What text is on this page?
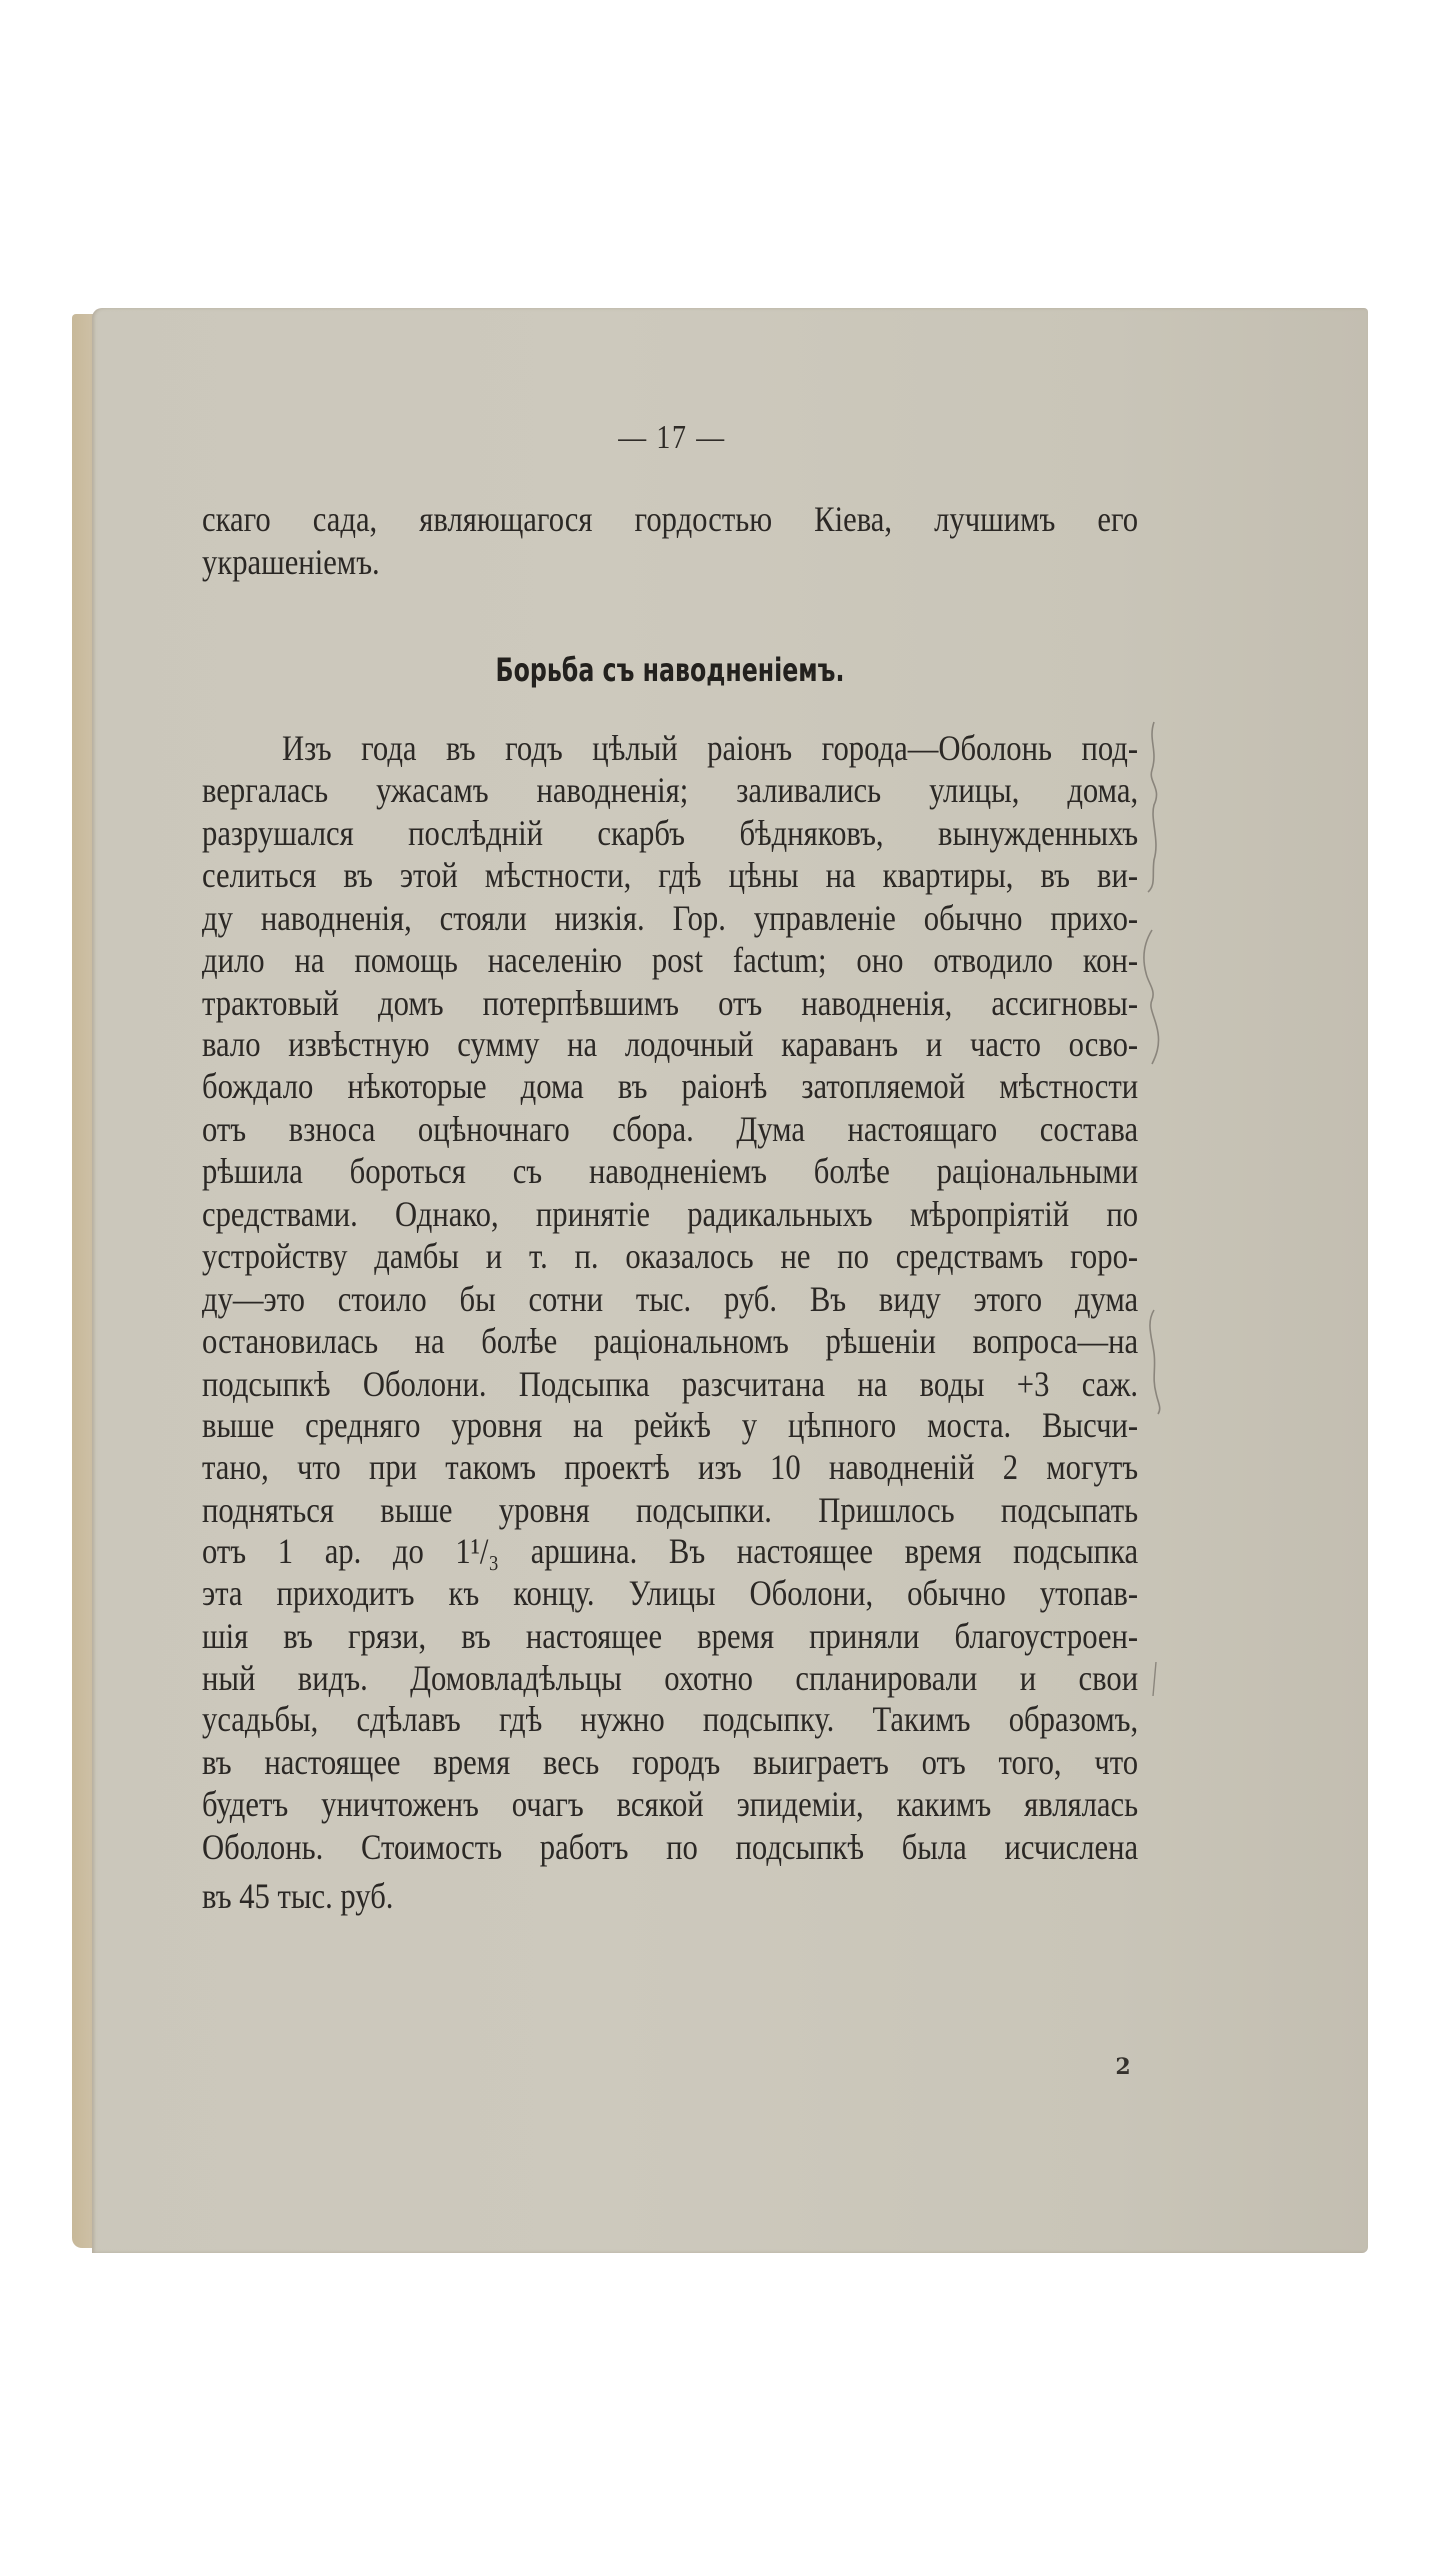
— 17 —
скаго сада, являющагося гордостью Кіева, лучшимъ его
украшеніемъ.
Борьба съ наводненіемъ.
Изъ года въ годъ цѣлый раіонъ города—Оболонь под-
вергалась ужасамъ наводненія; заливались улицы, дома,
разрушался послѣдній скарбъ бѣдняковъ, вынужденныхъ
селиться въ этой мѣстности, гдѣ цѣны на квартиры, въ ви-
ду наводненія, стояли низкія. Гор. управленіе обычно прихо-
дило на помощь населенію post factum; оно отводило кон-
трактовый домъ потерпѣвшимъ отъ наводненія, ассигновы-
вало извѣстную сумму на лодочный караванъ и часто осво-
бождало нѣкоторые дома въ раіонѣ затопляемой мѣстности
отъ взноса оцѣночнаго сбора. Дума настоящаго состава
рѣшила бороться съ наводненіемъ болѣе раціональными
средствами. Однако, принятіе радикальныхъ мѣропріятій по
устройству дамбы и т. п. оказалось не по средствамъ горо-
ду—это стоило бы сотни тыс. руб. Въ виду этого дума
остановилась на болѣе раціональномъ рѣшеніи вопроса—на
подсыпкѣ Оболони. Подсыпка разсчитана на воды +3 саж.
выше средняго уровня на рейкѣ у цѣпного моста. Высчи-
тано, что при такомъ проектѣ изъ 10 наводненій 2 могутъ
подняться выше уровня подсыпки. Пришлось подсыпать
отъ 1 ар. до 1¹/₃ аршина. Въ настоящее время подсыпка
эта приходитъ къ концу. Улицы Оболони, обычно утопав-
шія въ грязи, въ настоящее время приняли благоустроен-
ный видъ. Домовладѣльцы охотно спланировали и свои
усадьбы, сдѣлавъ гдѣ нужно подсыпку. Такимъ образомъ,
въ настоящее время весь городъ выиграетъ отъ того, что
будетъ уничтоженъ очагъ всякой эпидеміи, какимъ являлась
Оболонь. Стоимость работъ по подсыпкѣ была исчислена
въ 45 тыс. руб.
2
